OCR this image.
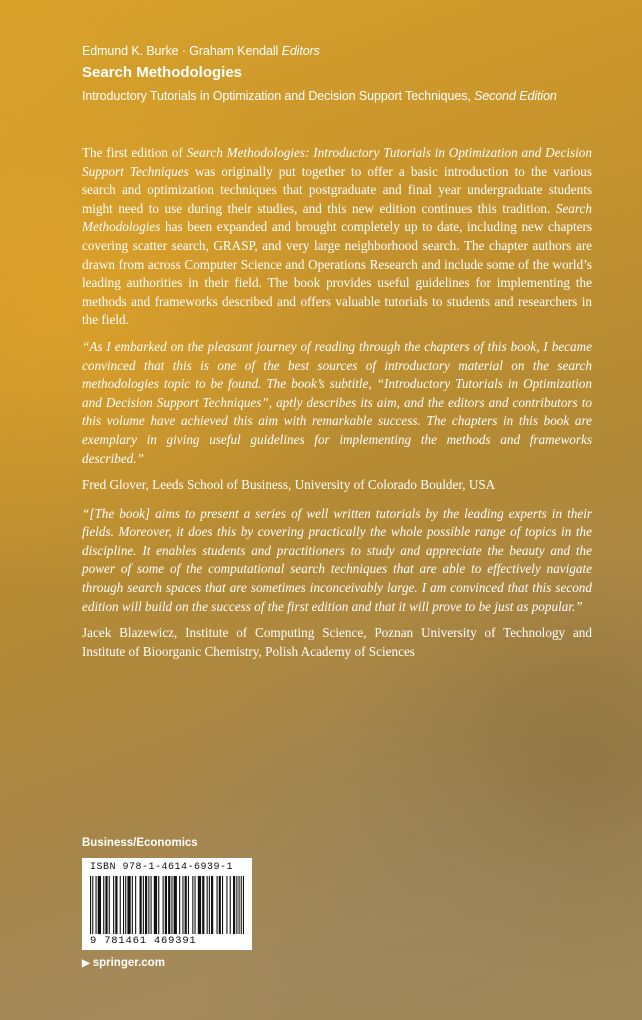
Edmund K. Burke · Graham Kendall Editors
Search Methodologies
Introductory Tutorials in Optimization and Decision Support Techniques, Second Edition

The first edition of Search Methodologies: Introductory Tutorials in Optimization and Decision Support Techniques was originally put together to offer a basic introduction to the various search and optimization techniques that postgraduate and final year undergraduate students might need to use during their studies, and this new edition continues this tradition. Search Methodologies has been expanded and brought completely up to date, including new chapters covering scatter search, GRASP, and very large neighborhood search. The chapter authors are drawn from across Computer Science and Operations Research and include some of the world’s leading authorities in their field. The book provides useful guidelines for implementing the methods and frameworks described and offers valuable tutorials to students and researchers in the field.

“As I embarked on the pleasant journey of reading through the chapters of this book, I became convinced that this is one of the best sources of introductory material on the search methodologies topic to be found. The book’s subtitle, “Introductory Tutorials in Optimization and Decision Support Techniques”, aptly describes its aim, and the editors and contributors to this volume have achieved this aim with remarkable success. The chapters in this book are exemplary in giving useful guidelines for implementing the methods and frameworks described.”

Fred Glover, Leeds School of Business, University of Colorado Boulder, USA

“[The book] aims to present a series of well written tutorials by the leading experts in their fields. Moreover, it does this by covering practically the whole possible range of topics in the discipline. It enables students and practitioners to study and appreciate the beauty and the power of some of the computational search techniques that are able to effectively navigate through search spaces that are sometimes inconceivably large. I am convinced that this second edition will build on the success of the first edition and that it will prove to be just as popular.”

Jacek Blazewicz, Institute of Computing Science, Poznan University of Technology and Institute of Bioorganic Chemistry, Polish Academy of Sciences

Business/Economics
ISBN 978-1-4614-6939-1
9 781461 469391
▶ springer.com
